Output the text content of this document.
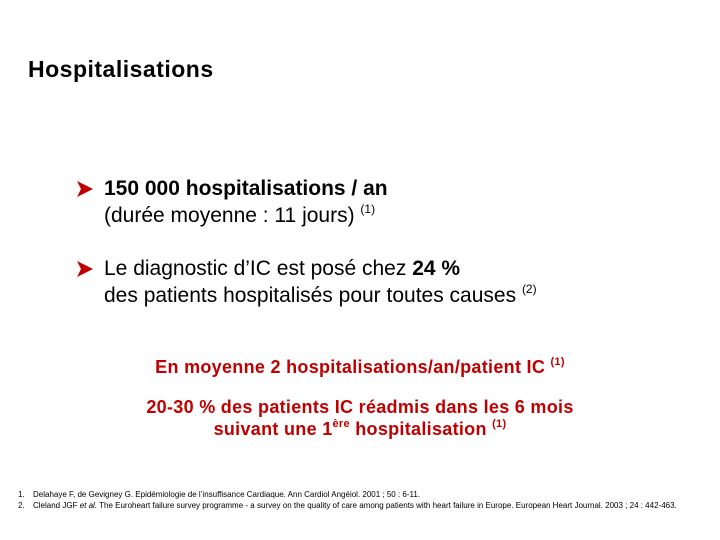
Hospitalisations
150 000 hospitalisations / an
(durée moyenne : 11 jours) $^{(1)}$
Le diagnostic d’IC est posé chez 24 %
des patients hospitalisés pour toutes causes $^{(2)}$
En moyenne 2 hospitalisations/an/patient IC $^{(1)}$
20-30 % des patients IC réadmis dans les 6 mois
suivant une 1ère hospitalisation $^{(1)}$
1.	Delahaye F, de Gevigney G. Epidémiologie de l’insuffisance Cardiaque. Ann Cardiol Angéiol. 2001 ; 50 : 6-11.
2.	Cleland JGF et al. The Euroheart failure survey programme - a survey on the quality of care among patients with heart failure in Europe. European Heart Journal. 2003 ; 24 : 442-463.
